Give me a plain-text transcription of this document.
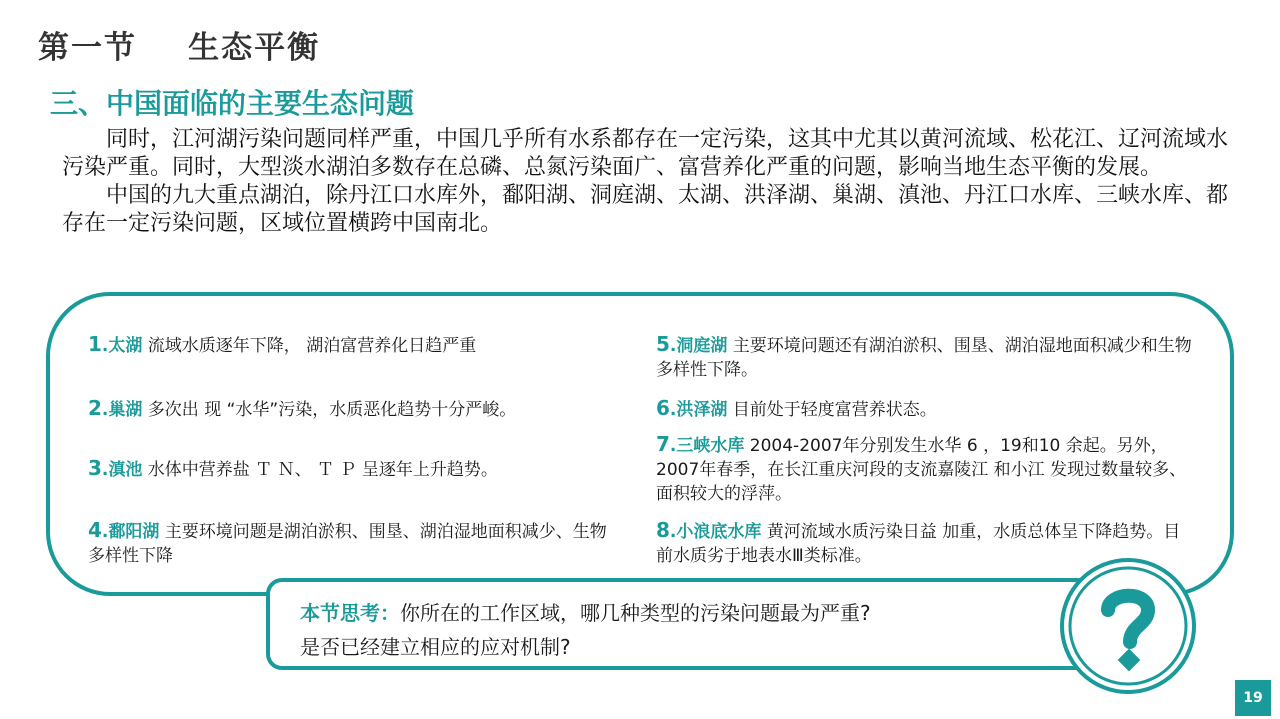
第一节    生态平衡
三、中国面临的主要生态问题

同时，江河湖污染问题同样严重，中国几乎所有水系都存在一定污染，这其中尤其以黄河流域、松花江、辽河流域水污染严重。同时，大型淡水湖泊多数存在总磷、总氮污染面广、富营养化严重的问题，影响当地生态平衡的发展。

中国的九大重点湖泊，除丹江口水库外，鄱阳湖、洞庭湖、太湖、洪泽湖、巢湖、滇池、丹江口水库、三峡水库、都存在一定污染问题，区域位置横跨中国南北。

1.太湖 流域水质逐年下降， 湖泊富营养化日趋严重
2.巢湖 多次出 现 “水华”污染，水质恶化趋势十分严峻。
3.滇池 水体中营养盐 Ｔ Ｎ、 Ｔ Ｐ 呈逐年上升趋势。
4.鄱阳湖 主要环境问题是湖泊淤积、围垦、湖泊湿地面积减少、生物多样性下降
5.洞庭湖 主要环境问题还有湖泊淤积、围垦、湖泊湿地面积减少和生物多样性下降。
6.洪泽湖 目前处于轻度富营养状态。
7.三峡水库 2004-2007年分别发生水华 6 ，19和10 余起。另外，2007年春季，在长江重庆河段的支流嘉陵江 和小江 发现过数量较多、面积较大的浮萍。
8.小浪底水库 黄河流域水质污染日益 加重，水质总体呈下降趋势。目前水质劣于地表水Ⅲ类标准。
本节思考：你所在的工作区域，哪几种类型的污染问题最为严重?
是否已经建立相应的应对机制?
19
